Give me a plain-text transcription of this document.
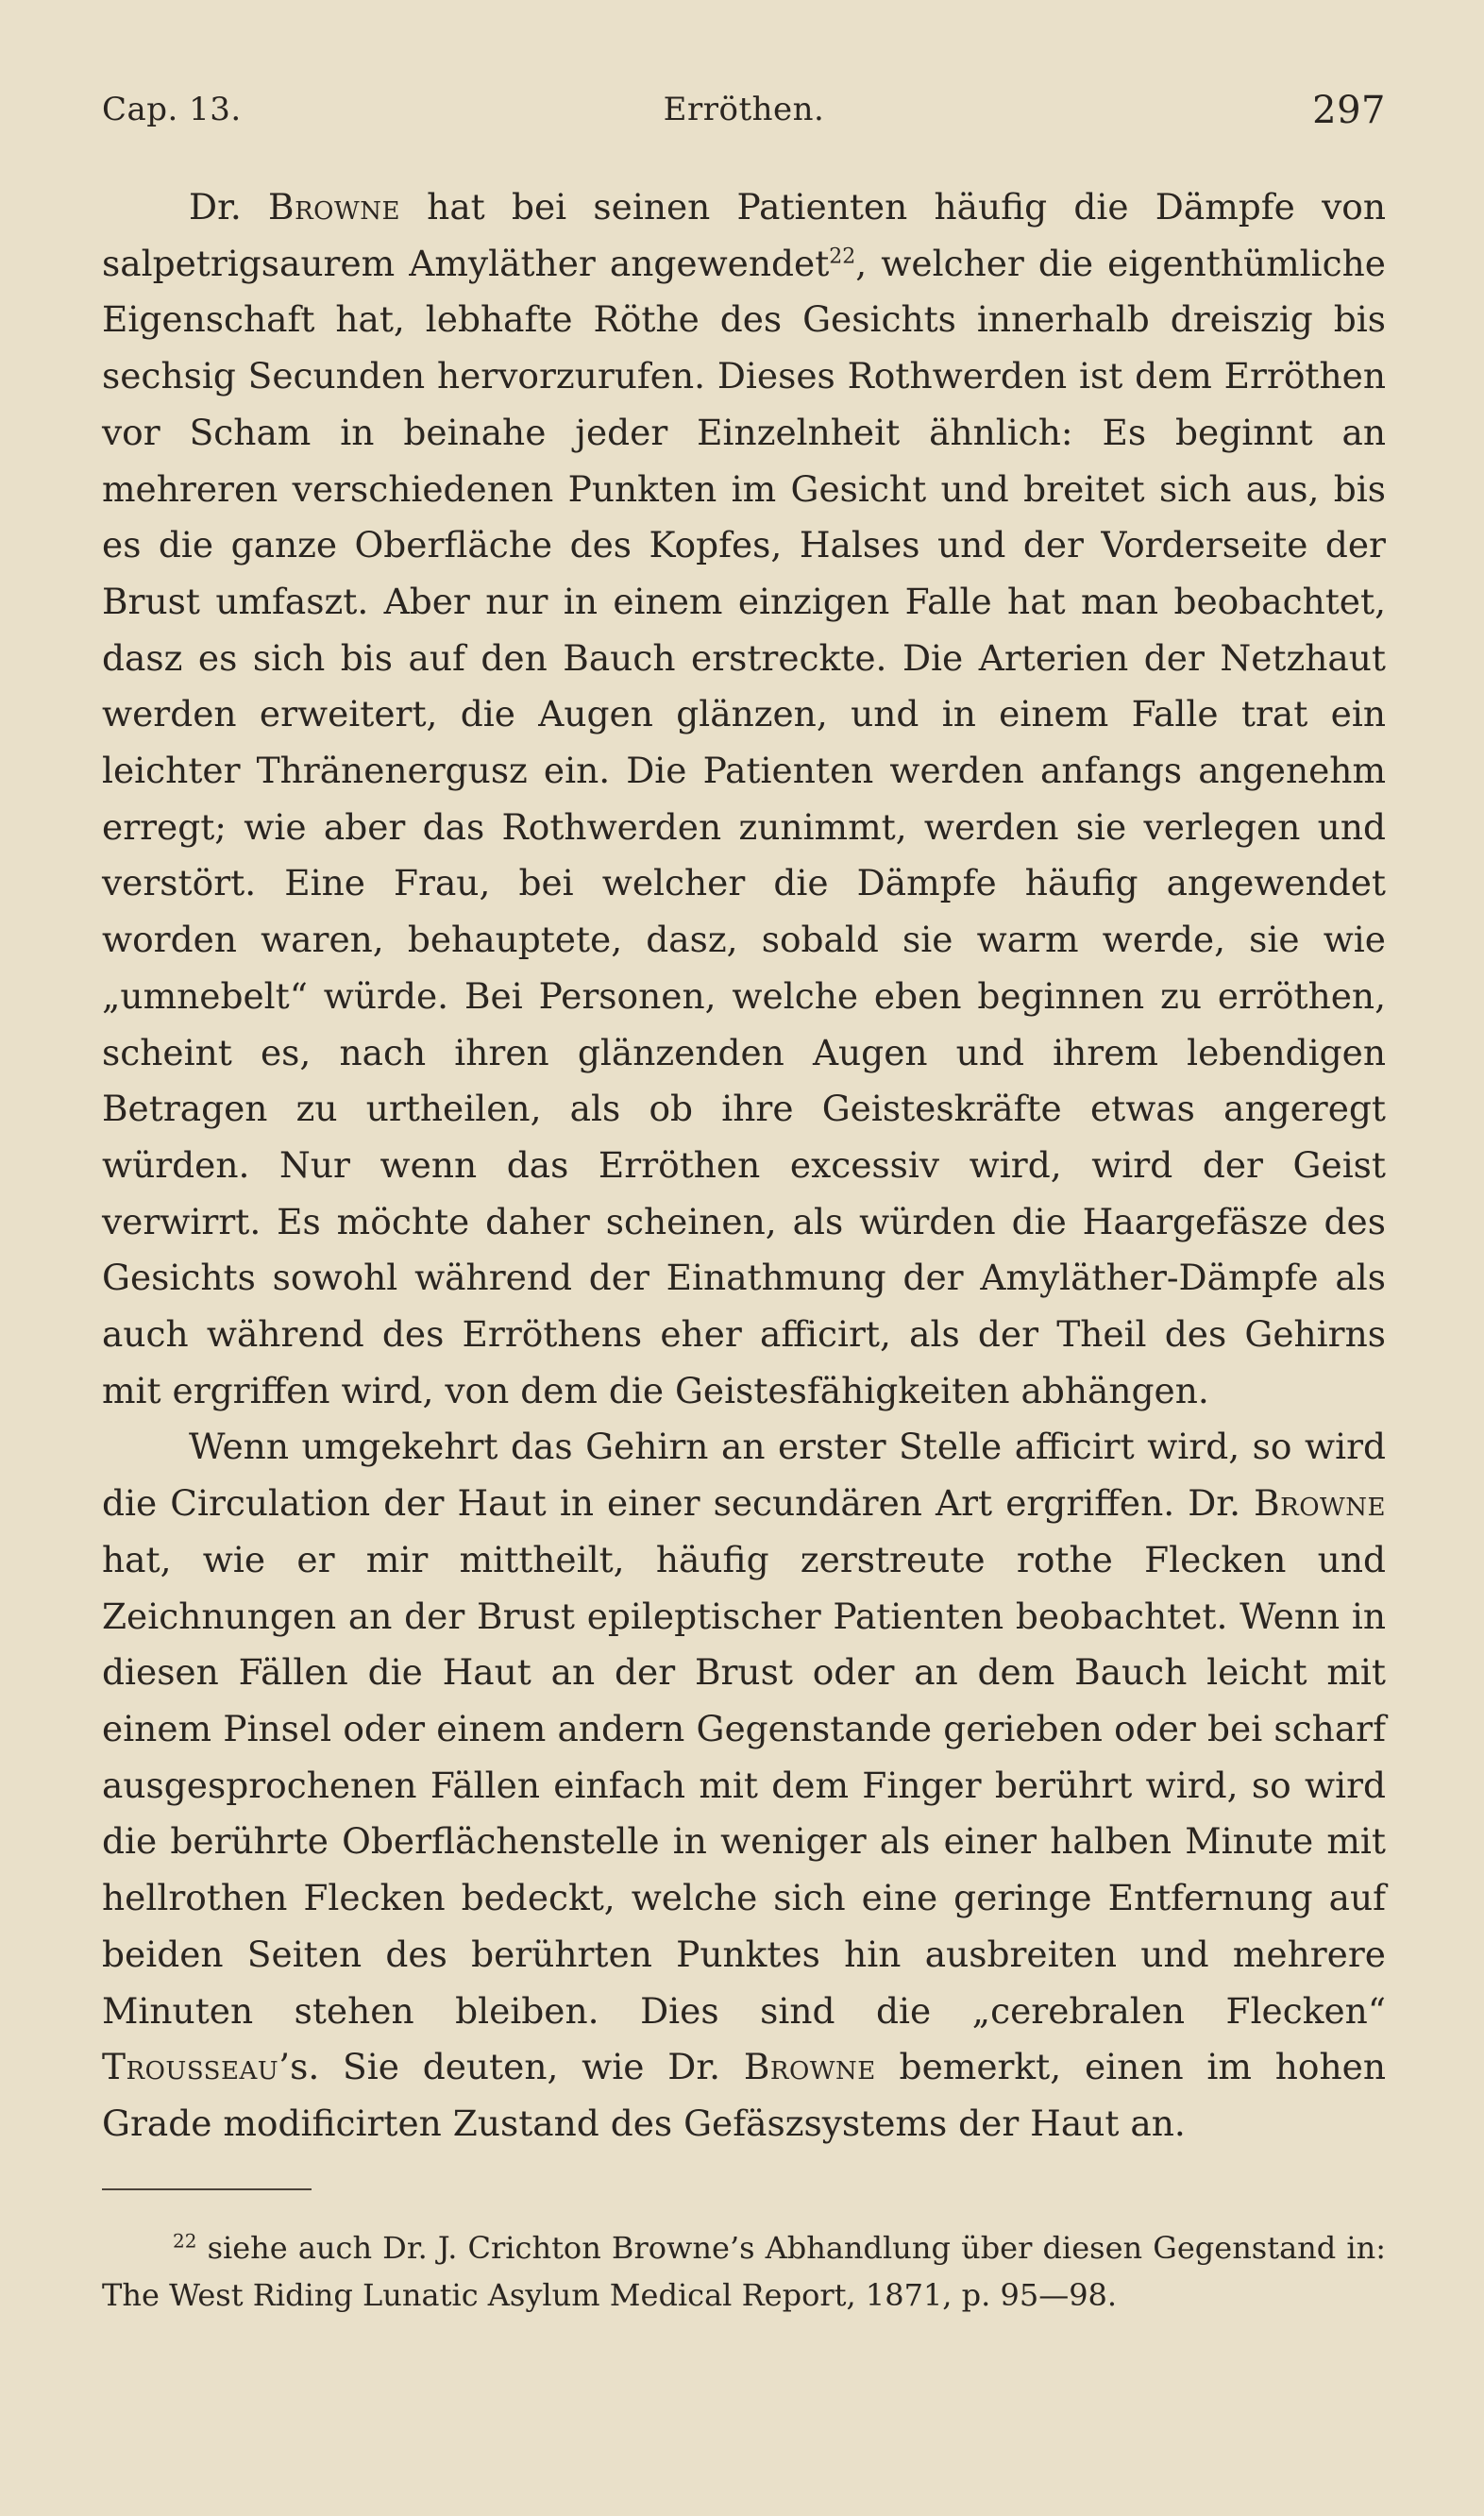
Cap. 13.	Erröthen.	297

Dr. Browne hat bei seinen Patienten häufig die Dämpfe von salpetrigsaurem Amyläther angewendet$^{22}$, welcher die eigenthümliche Eigenschaft hat, lebhafte Röthe des Gesichts innerhalb dreiszig bis sechsig Secunden hervorzurufen. Dieses Rothwerden ist dem Erröthen vor Scham in beinahe jeder Einzelnheit ähnlich: Es beginnt an mehreren verschiedenen Punkten im Gesicht und breitet sich aus, bis es die ganze Oberfläche des Kopfes, Halses und der Vorderseite der Brust umfaszt. Aber nur in einem einzigen Falle hat man beobachtet, dasz es sich bis auf den Bauch erstreckte. Die Arterien der Netzhaut werden erweitert, die Augen glänzen, und in einem Falle trat ein leichter Thränenergusz ein. Die Patienten werden anfangs angenehm erregt; wie aber das Rothwerden zunimmt, werden sie verlegen und verstört. Eine Frau, bei welcher die Dämpfe häufig angewendet worden waren, behauptete, dasz, sobald sie warm werde, sie wie „umnebelt“ würde. Bei Personen, welche eben beginnen zu erröthen, scheint es, nach ihren glänzenden Augen und ihrem lebendigen Betragen zu urtheilen, als ob ihre Geisteskräfte etwas angeregt würden. Nur wenn das Erröthen excessiv wird, wird der Geist verwirrt. Es möchte daher scheinen, als würden die Haargefäsze des Gesichts sowohl während der Einathmung der Amyläther-Dämpfe als auch während des Erröthens eher afficirt, als der Theil des Gehirns mit ergriffen wird, von dem die Geistesfähigkeiten abhängen.

Wenn umgekehrt das Gehirn an erster Stelle afficirt wird, so wird die Circulation der Haut in einer secundären Art ergriffen. Dr. Browne hat, wie er mir mittheilt, häufig zerstreute rothe Flecken und Zeichnungen an der Brust epileptischer Patienten beobachtet. Wenn in diesen Fällen die Haut an der Brust oder an dem Bauch leicht mit einem Pinsel oder einem andern Gegenstande gerieben oder bei scharf ausgesprochenen Fällen einfach mit dem Finger berührt wird, so wird die berührte Oberflächenstelle in weniger als einer halben Minute mit hellrothen Flecken bedeckt, welche sich eine geringe Entfernung auf beiden Seiten des berührten Punktes hin ausbreiten und mehrere Minuten stehen bleiben. Dies sind die „cerebralen Flecken“ Trousseau’s. Sie deuten, wie Dr. Browne bemerkt, einen im hohen Grade modificirten Zustand des Gefäszsystems der Haut an.

$^{22}$ siehe auch Dr. J. Crichton Browne’s Abhandlung über diesen Gegenstand in: The West Riding Lunatic Asylum Medical Report, 1871, p. 95—98.
